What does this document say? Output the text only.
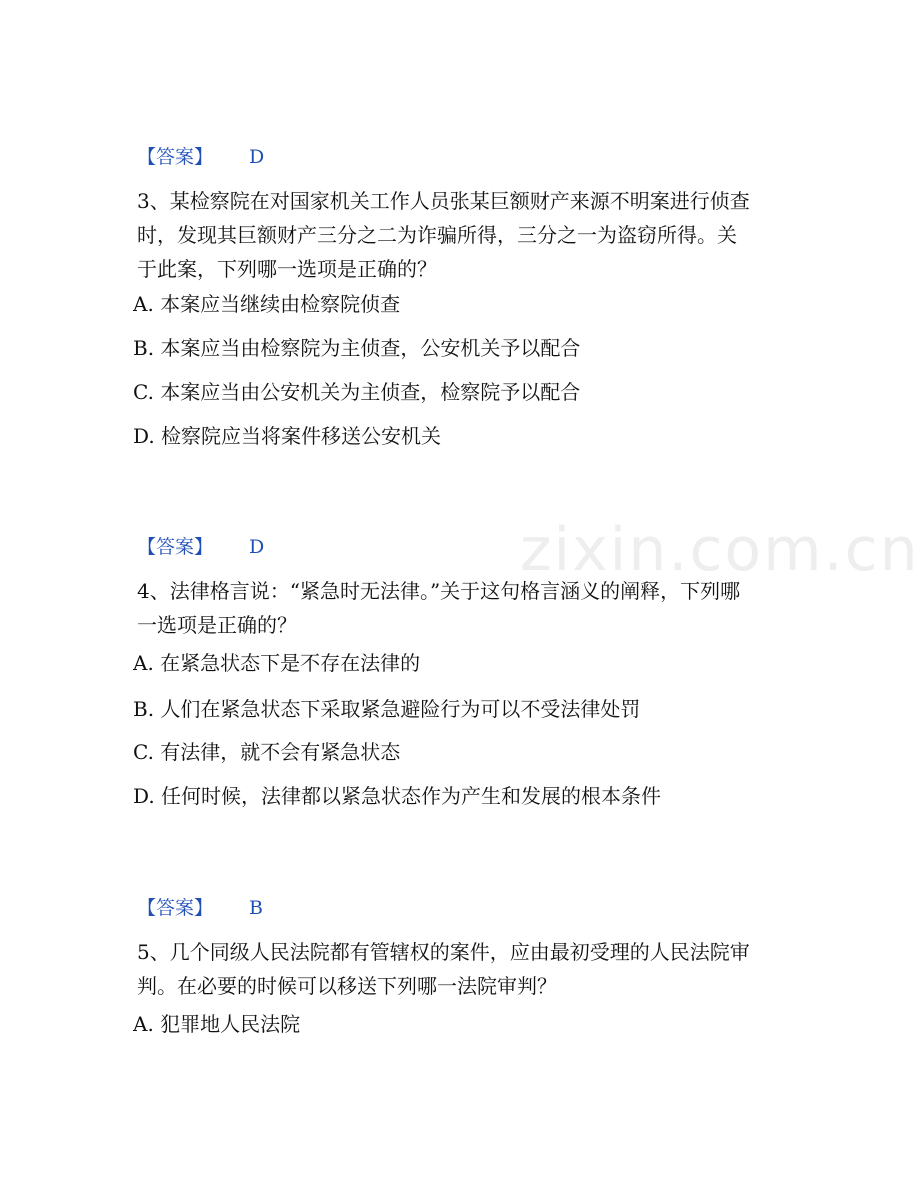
zixin.com.cn
【答案】 D

3、某检察院在对国家机关工作人员张某巨额财产来源不明案进行侦查

时，发现其巨额财产三分之二为诈骗所得，三分之一为盗窃所得。关

于此案，下列哪一选项是正确的？

A. 本案应当继续由检察院侦查
B. 本案应当由检察院为主侦查，公安机关予以配合
C. 本案应当由公安机关为主侦查，检察院予以配合
D. 检察院应当将案件移送公安机关
【答案】 D

4、法律格言说：“紧急时无法律。”关于这句格言涵义的阐释，下列哪

一选项是正确的？

A. 在紧急状态下是不存在法律的
B. 人们在紧急状态下采取紧急避险行为可以不受法律处罚
C. 有法律，就不会有紧急状态
D. 任何时候，法律都以紧急状态作为产生和发展的根本条件
【答案】 B

5、几个同级人民法院都有管辖权的案件，应由最初受理的人民法院审

判。在必要的时候可以移送下列哪一法院审判？

A. 犯罪地人民法院
